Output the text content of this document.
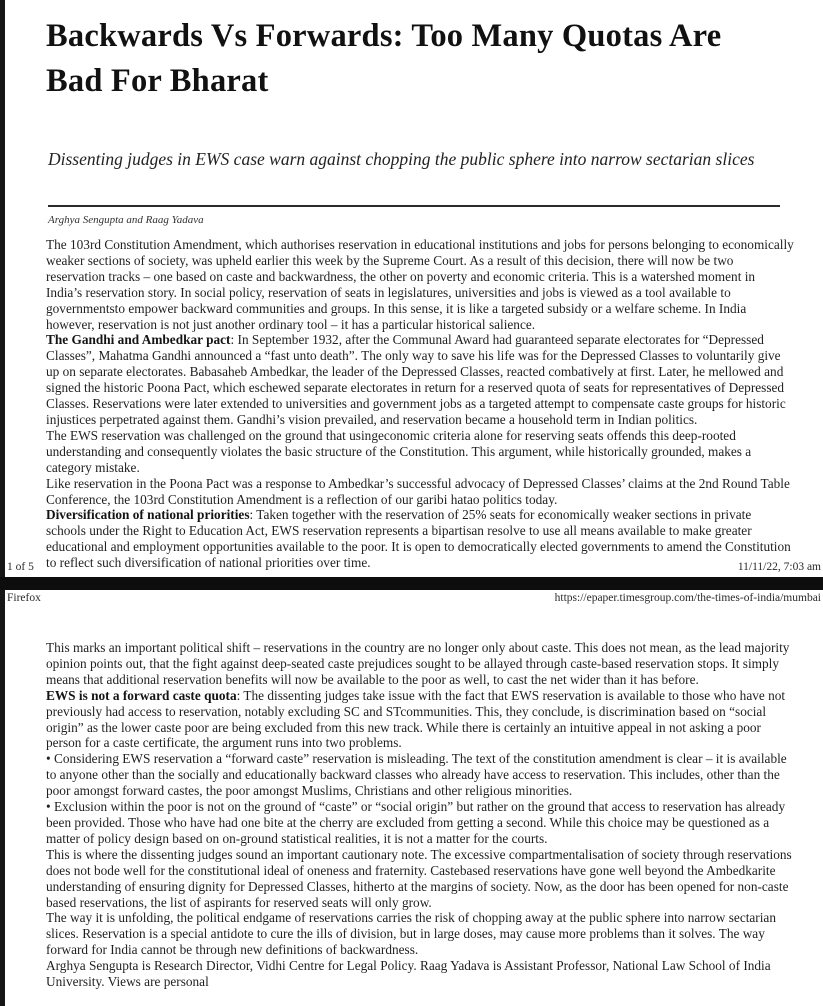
Backwards Vs Forwards: Too Many Quotas Are Bad For Bharat

Dissenting judges in EWS case warn against chopping the public sphere into narrow sectarian slices

Arghya Sengupta and Raag Yadava

The 103rd Constitution Amendment, which authorises reservation in educational institutions and jobs for persons belonging to economically weaker sections of society, was upheld earlier this week by the Supreme Court. As a result of this decision, there will now be two reservation tracks – one based on caste and backwardness, the other on poverty and economic criteria. This is a watershed moment in India’s reservation story. In social policy, reservation of seats in legislatures, universities and jobs is viewed as a tool available to governmentsto empower backward communities and groups. In this sense, it is like a targeted subsidy or a welfare scheme. In India however, reservation is not just another ordinary tool – it has a particular historical salience.

The Gandhi and Ambedkar pact: In September 1932, after the Communal Award had guaranteed separate electorates for “Depressed Classes”, Mahatma Gandhi announced a “fast unto death”. The only way to save his life was for the Depressed Classes to voluntarily give up on separate electorates. Babasaheb Ambedkar, the leader of the Depressed Classes, reacted combatively at first. Later, he mellowed and signed the historic Poona Pact, which eschewed separate electorates in return for a reserved quota of seats for representatives of Depressed Classes. Reservations were later extended to universities and government jobs as a targeted attempt to compensate caste groups for historic injustices perpetrated against them. Gandhi’s vision prevailed, and reservation became a household term in Indian politics.

The EWS reservation was challenged on the ground that usingeconomic criteria alone for reserving seats offends this deep-rooted understanding and consequently violates the basic structure of the Constitution. This argument, while historically grounded, makes a category mistake.

Like reservation in the Poona Pact was a response to Ambedkar’s successful advocacy of Depressed Classes’ claims at the 2nd Round Table Conference, the 103rd Constitution Amendment is a reflection of our garibi hatao politics today.

Diversification of national priorities: Taken together with the reservation of 25% seats for economically weaker sections in private schools under the Right to Education Act, EWS reservation represents a bipartisan resolve to use all means available to make greater educational and employment opportunities available to the poor. It is open to democratically elected governments to amend the Constitution to reflect such diversification of national priorities over time.

1 of 5	11/11/22, 7:03 am
Firefox	https://epaper.timesgroup.com/the-times-of-india/mumbai

This marks an important political shift – reservations in the country are no longer only about caste. This does not mean, as the lead majority opinion points out, that the fight against deep-seated caste prejudices sought to be allayed through caste-based reservation stops. It simply means that additional reservation benefits will now be available to the poor as well, to cast the net wider than it has before.

EWS is not a forward caste quota: The dissenting judges take issue with the fact that EWS reservation is available to those who have not previously had access to reservation, notably excluding SC and STcommunities. This, they conclude, is discrimination based on “social origin” as the lower caste poor are being excluded from this new track. While there is certainly an intuitive appeal in not asking a poor person for a caste certificate, the argument runs into two problems.

• Considering EWS reservation a “forward caste” reservation is misleading. The text of the constitution amendment is clear – it is available to anyone other than the socially and educationally backward classes who already have access to reservation. This includes, other than the poor amongst forward castes, the poor amongst Muslims, Christians and other religious minorities.

• Exclusion within the poor is not on the ground of “caste” or “social origin” but rather on the ground that access to reservation has already been provided. Those who have had one bite at the cherry are excluded from getting a second. While this choice may be questioned as a matter of policy design based on on-ground statistical realities, it is not a matter for the courts.

This is where the dissenting judges sound an important cautionary note. The excessive compartmentalisation of society through reservations does not bode well for the constitutional ideal of oneness and fraternity. Castebased reservations have gone well beyond the Ambedkarite understanding of ensuring dignity for Depressed Classes, hitherto at the margins of society. Now, as the door has been opened for non-caste based reservations, the list of aspirants for reserved seats will only grow.

The way it is unfolding, the political endgame of reservations carries the risk of chopping away at the public sphere into narrow sectarian slices. Reservation is a special antidote to cure the ills of division, but in large doses, may cause more problems than it solves. The way forward for India cannot be through new definitions of backwardness.

Arghya Sengupta is Research Director, Vidhi Centre for Legal Policy. Raag Yadava is Assistant Professor, National Law School of India University. Views are personal
